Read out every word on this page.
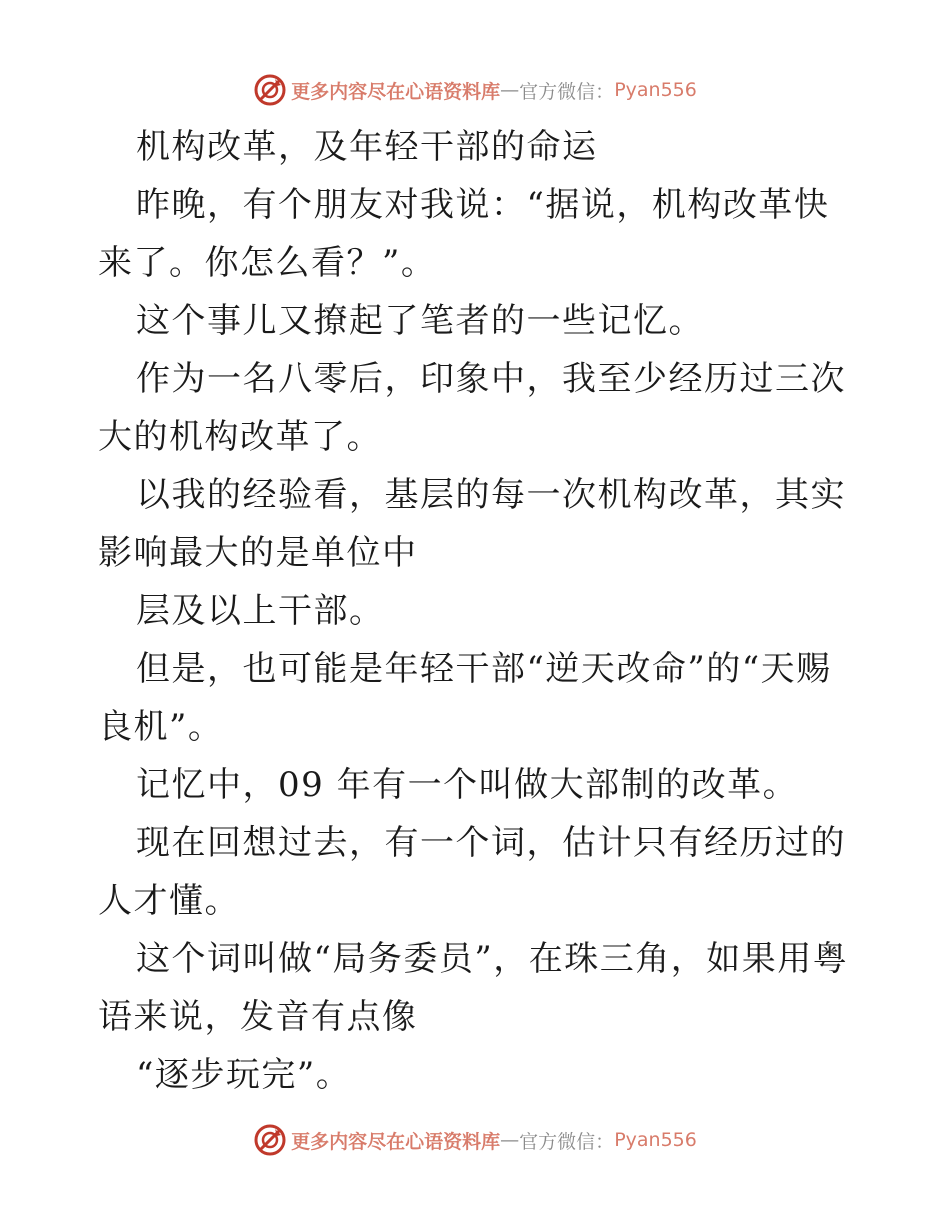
更多内容尽在心语资料库 — 官方微信： Pyan556

机构改革，及年轻干部的命运

昨晚，有个朋友对我说：“据说，机构改革快来了。你怎么看？”。

这个事儿又撩起了笔者的一些记忆。

作为一名八零后，印象中，我至少经历过三次大的机构改革了。

以我的经验看，基层的每一次机构改革，其实影响最大的是单位中

层及以上干部。

但是，也可能是年轻干部“逆天改命”的“天赐良机”。

记忆中，09 年有一个叫做大部制的改革。

现在回想过去，有一个词，估计只有经历过的人才懂。

这个词叫做“局务委员”，在珠三角，如果用粤语来说，发音有点像

“逐步玩完”。

更多内容尽在心语资料库 — 官方微信： Pyan556
